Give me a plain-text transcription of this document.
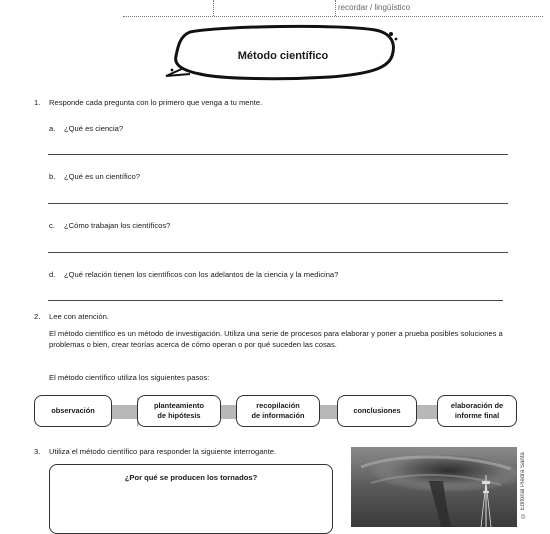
recordar / lingüístico
Método científico
1. Responde cada pregunta con lo primero que venga a tu mente.
a. ¿Qué es ciencia?
b. ¿Qué es un científico?
c. ¿Cómo trabajan los científicos?
d. ¿Qué relación tienen los científicos con los adelantos de la ciencia y la medicina?
2. Lee con atención.
El método científico es un método de investigación. Utiliza una serie de procesos para elaborar y poner a prueba posibles soluciones a problemas o bien, crear teorías acerca de cómo operan o por qué suceden las cosas.
El método científico utiliza los siguientes pasos:
observación
planteamiento
de hipótesis
recopilación
de información
conclusiones
elaboración de
informe final
3. Utiliza el método científico para responder la siguiente interrogante.
¿Por qué se producen los tornados?	© Editorial Piedra Santa
